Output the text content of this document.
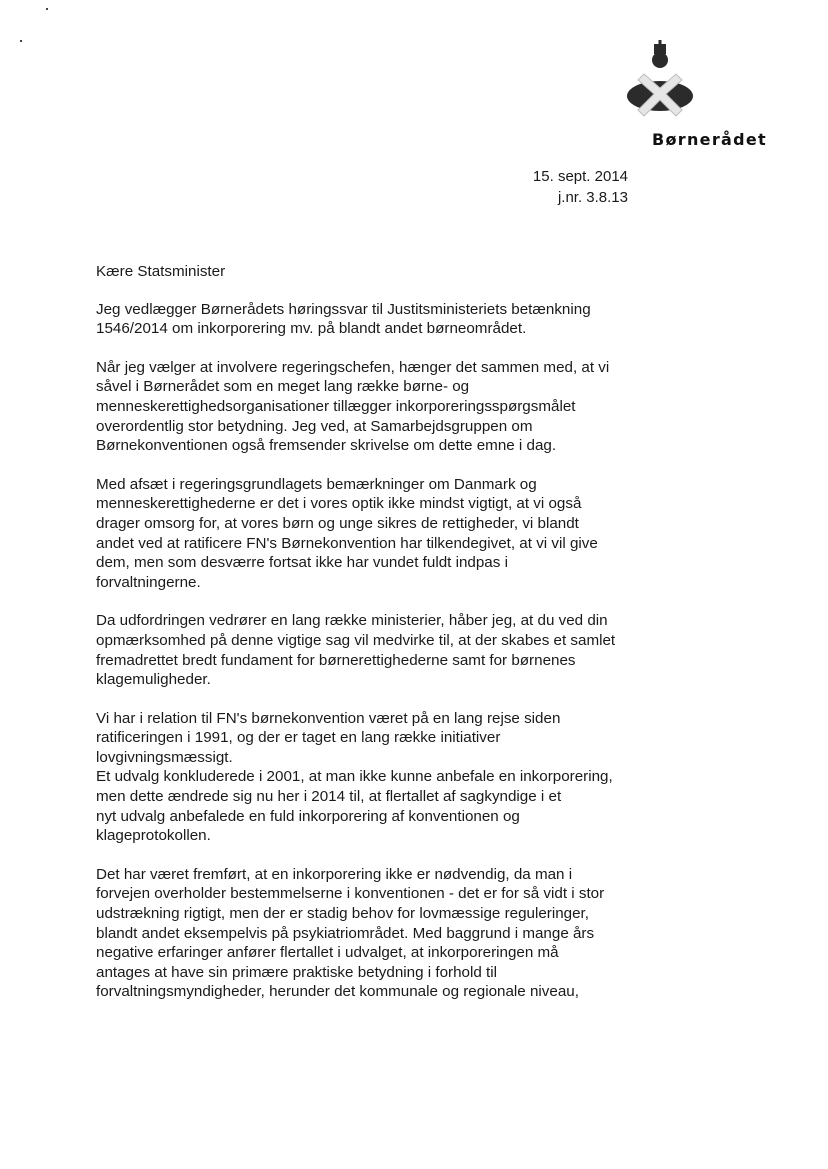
Børnerådet
15. sept. 2014
j.nr. 3.8.13

Kære Statsminister

Jeg vedlægger Børnerådets høringssvar til Justitsministeriets betænkning
1546/2014 om inkorporering mv. på blandt andet børneområdet.

Når jeg vælger at involvere regeringschefen, hænger det sammen med, at vi
såvel i Børnerådet som en meget lang række børne- og
menneskerettighedsorganisationer tillægger inkorporeringsspørgsmålet
overordentlig stor betydning. Jeg ved, at Samarbejdsgruppen om
Børnekonventionen også fremsender skrivelse om dette emne i dag.

Med afsæt i regeringsgrundlagets bemærkninger om Danmark og
menneskerettighederne er det i vores optik ikke mindst vigtigt, at vi også
drager omsorg for, at vores børn og unge sikres de rettigheder, vi blandt
andet ved at ratificere FN's Børnekonvention har tilkendegivet, at vi vil give
dem, men som desværre fortsat ikke har vundet fuldt indpas i
forvaltningerne.

Da udfordringen vedrører en lang række ministerier, håber jeg, at du ved din
opmærksomhed på denne vigtige sag vil medvirke til, at der skabes et samlet
fremadrettet bredt fundament for børnerettighederne samt for børnenes
klagemuligheder.

Vi har i relation til FN's børnekonvention været på en lang rejse siden
ratificeringen i 1991, og der er taget en lang række initiativer
lovgivningsmæssigt.

Et udvalg konkluderede i 2001, at man ikke kunne anbefale en inkorporering,
men dette ændrede sig nu her i 2014 til, at flertallet af sagkyndige i et
nyt udvalg anbefalede en fuld inkorporering af konventionen og
klageprotokollen.

Det har været fremført, at en inkorporering ikke er nødvendig, da man i
forvejen overholder bestemmelserne i konventionen - det er for så vidt i stor
udstrækning rigtigt, men der er stadig behov for lovmæssige reguleringer,
blandt andet eksempelvis på psykiatriområdet. Med baggrund i mange års
negative erfaringer anfører flertallet i udvalget, at inkorporeringen må
antages at have sin primære praktiske betydning i forhold til
forvaltningsmyndigheder, herunder det kommunale og regionale niveau,
